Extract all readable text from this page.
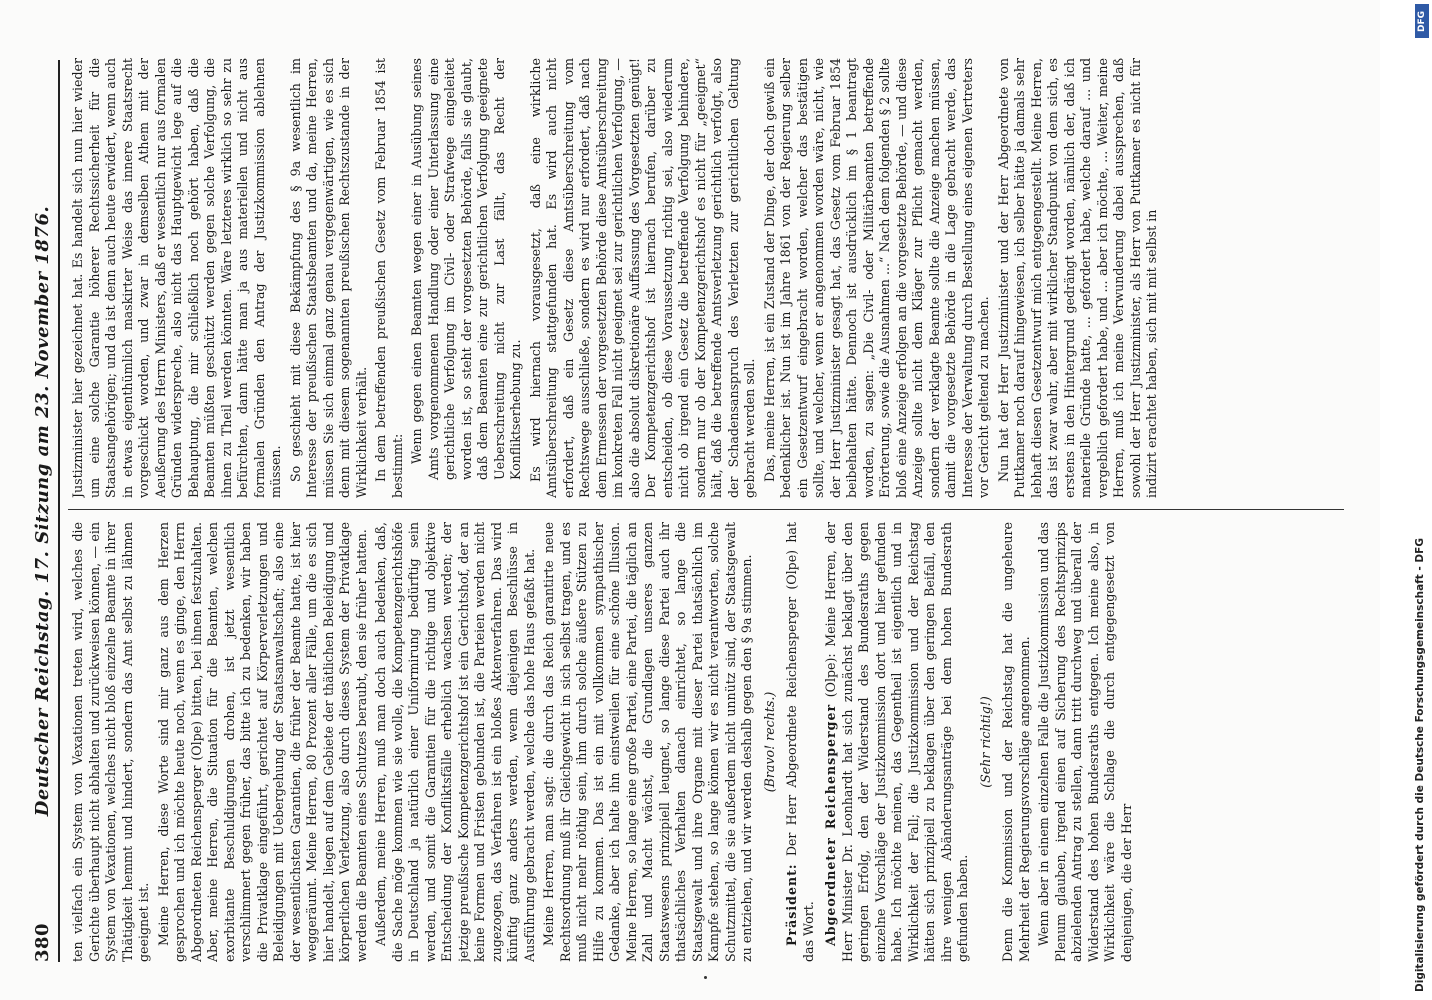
380
Deutscher Reichstag. 17. Sitzung am 23. November 1876. ten vielfach ein System von Vexationen treten wird, welches die Gerichte überhaupt nicht abhalten und zurückweisen können, — ein System von Vexationen, welches nicht bloß einzelne Beamte in ihrer Thätigkeit hemmt und hindert, sondern das Amt selbst zu lähmen geeignet ist. Meine Herren, diese Worte sind mir ganz aus dem Herzen gesprochen und ich möchte heute noch, wenn es ginge, den Herrn Abgeordneten Reichensperger (Olpe) bitten, bei ihnen festzuhalten. Aber, meine Herren, die Situation für die Beamten, welchen exorbitante Beschuldigungen drohen, ist jetzt wesentlich verschlimmert gegen früher, das bitte ich zu bedenken, wir haben die Privatklage eingeführt, gerichtet auf Körperverletzungen und Beleidigungen mit Uebergehung der Staatsanwaltschaft; also eine der wesentlichsten Garantien, die früher der Beamte hatte, ist hier weggeräumt. Meine Herren, 80 Prozent aller Fälle, um die es sich hier handelt, liegen auf dem Gebiete der thätlichen Beleidigung und körperlichen Verletzung, also durch dieses System der Privatklage werden die Beamten eines Schutzes beraubt, den sie früher hatten. Außerdem, meine Herren, muß man doch auch bedenken, daß, die Sache möge kommen wie sie wolle, die Kompetenzgerichtshöfe in Deutschland ja natürlich einer Uniformirung bedürftig sein werden, und somit die Garantien für die richtige und objektive Entscheidung der Konfliktsfälle erheblich wachsen werden; der jetzige preußische Kompetenzgerichtshof ist ein Gerichtshof, der an keine Formen und Fristen gebunden ist, die Parteien werden nicht zugezogen, das Verfahren ist ein bloßes Aktenverfahren. Das wird künftig ganz anders werden, wenn diejenigen Beschlüsse in Ausführung gebracht werden, welche das hohe Haus gefaßt hat. Meine Herren, man sagt: die durch das Reich garantirte neue Rechtsordnung muß ihr Gleichgewicht in sich selbst tragen, und es muß nicht mehr nöthig sein, ihm durch solche äußere Stützen zu Hilfe zu kommen. Das ist ein mit vollkommen sympathischer Gedanke, aber ich halte ihn einstweilen für eine schöne Illusion. Meine Herren, so lange eine große Partei, eine Partei, die täglich an Zahl und Macht wächst, die Grundlagen unseres ganzen Staatswesens prinzipiell leugnet, so lange diese Partei auch ihr thatsächliches Verhalten danach einrichtet, so lange die Staatsgewalt und ihre Organe mit dieser Partei thatsächlich im Kampfe stehen, so lange können wir es nicht verantworten, solche Schutzmittel, die sie außerdem nicht unnütz sind, der Staatsgewalt zu entziehen, und wir werden deshalb gegen den § 9a stimmen. (Bravo! rechts.)

Präsident: Der Herr Abgeordnete Reichensperger (Olpe) hat das Wort. Abgeordneter Reichensperger (Olpe): Meine Herren, der Herr Minister Dr. Leonhardt hat sich zunächst beklagt über den geringen Erfolg, den der Widerstand des Bundesraths gegen einzelne Vorschläge der Justizkommission dort und hier gefunden habe. Ich möchte meinen, das Gegentheil ist eigentlich und in Wirklichkeit der Fall; die Justizkommission und der Reichstag hätten sich prinzipiell zu beklagen über den geringen Beifall, den ihre wenigen Abänderungsanträge bei dem hohen Bundesrath gefunden haben.

(Sehr richtig!) Denn die Kommission und der Reichstag hat die ungeheure Mehrheit der Regierungsvorschläge angenommen. Wenn aber in einem einzelnen Falle die Justizkommission und das Plenum glauben, irgend einen auf Sicherung des Rechtsprinzips abzielenden Antrag zu stellen, dann tritt durchweg und überall der Widerstand des hohen Bundesraths entgegen. Ich meine also, in Wirklichkeit wäre die Schlage die durch entgegengesetzt von denjenigen, die der Herr

Justizminister hier gezeichnet hat. Es handelt sich nun hier wieder um eine solche Garantie höherer Rechtssicherheit für die Staatsangehörigen; und da ist denn auch heute erwidert, wenn auch in etwas eigenthümlich maskirter Weise das innere Staatsrecht vorgeschickt worden, und zwar in demselben Athem mit der Aeußerung des Herrn Ministers, daß er wesentlich nur aus formalen Gründen widerspreche, also nicht das Hauptgewicht lege auf die Behauptung, die mir schließlich noch gehört haben, daß die Beamten müßten geschützt werden gegen solche Verfolgung, die ihnen zu Theil werden könnten. Wäre letzteres wirklich so sehr zu befürchten, dann hätte man ja aus materiellen und nicht aus formalen Gründen den Antrag der Justizkommission ablehnen müssen. So geschieht mit diese Bekämpfung des § 9a wesentlich im Interesse der preußischen Staatsbeamten und da, meine Herren, müssen Sie sich einmal ganz genau vergegenwärtigen, wie es sich denn mit diesem sogenannten preußischen Rechtszustande in der Wirklichkeit verhält. In dem betreffenden preußischen Gesetz vom Februar 1854 ist bestimmt:

Wenn gegen einen Beamten wegen einer in Ausübung seines Amts vorgenommenen Handlung oder einer Unterlassung eine gerichtliche Verfolgung im Civil- oder Strafwege eingeleitet worden ist, so steht der vorgesetzten Behörde, falls sie glaubt, daß dem Beamten eine zur gerichtlichen Verfolgung geeignete Ueberschreitung nicht zur Last fällt, das Recht der Konfliktserhebung zu. Es wird hiernach vorausgesetzt, daß eine wirkliche Amtsüberschreitung stattgefunden hat. Es wird auch nicht erfordert, daß ein Gesetz diese Amtsüberschreitung vom Rechtswege ausschließe, sondern es wird nur erfordert, daß nach dem Ermessen der vorgesetzten Behörde diese Amtsüberschreitung im konkreten Fall nicht geeignet sei zur gerichtlichen Verfolgung, — also die absolut diskretionäre Auffassung des Vorgesetzten genügt! Der Kompetenzgerichtshof ist hiernach berufen, darüber zu entscheiden, ob diese Voraussetzung richtig sei, also wiederum nicht ob irgend ein Gesetz die betreffende Verfolgung behindere, sondern nur ob der Kompetenzgerichtshof es nicht für „geeignet“ hält, daß die betreffende Amtsverletzung gerichtlich verfolgt, also der Schadensanspruch des Verletzten zur gerichtlichen Geltung gebracht werden soll. Das, meine Herren, ist ein Zustand der Dinge, der doch gewiß ein bedenklicher ist. Nun ist im Jahre 1861 von der Regierung selber ein Gesetzentwurf eingebracht worden, welcher das bestätigen sollte, und welcher, wenn er angenommen worden wäre, nicht, wie der Herr Justizminister gesagt hat, das Gesetz vom Februar 1854 beibehalten hätte. Dennoch ist ausdrücklich im § 1 beantragt worden, zu sagen: „Die Civil- oder Militärbeamten betreffende Erörterung, sowie die Ausnahmen ...“ Nach dem folgenden § 2 sollte bloß eine Anzeige erfolgen an die vorgesetzte Behörde, — und diese Anzeige sollte nicht dem Kläger zur Pflicht gemacht werden, sondern der verklagte Beamte sollte die Anzeige machen müssen, damit die vorgesetzte Behörde in die Lage gebracht werde, das Interesse der Verwaltung durch Bestellung eines eigenen Vertreters vor Gericht geltend zu machen. Nun hat der Herr Justizminister und der Herr Abgeordnete von Puttkamer noch darauf hingewiesen, ich selber hätte ja damals sehr lebhaft diesen Gesetzentwurf mich entgegengestellt. Meine Herren, das ist zwar wahr, aber mit wirklicher Standpunkt von dem sich, es erstens in den Hintergrund gedrängt worden, nämlich der, daß ich materielle Gründe hatte, ... gefordert habe, welche darauf ... und vergeblich gefordert habe, und ... aber ich möchte, ... Weiter, meine Herren, muß ich meine Verwunderung dabei aussprechen, daß sowohl der Herr Justizminister, als Herr von Puttkamer es nicht für indizirt erachtet haben, sich mit mit selbst in

Digitalisierung gefördert durch die Deutsche Forschungsgemeinschaft - DFG
DFG
